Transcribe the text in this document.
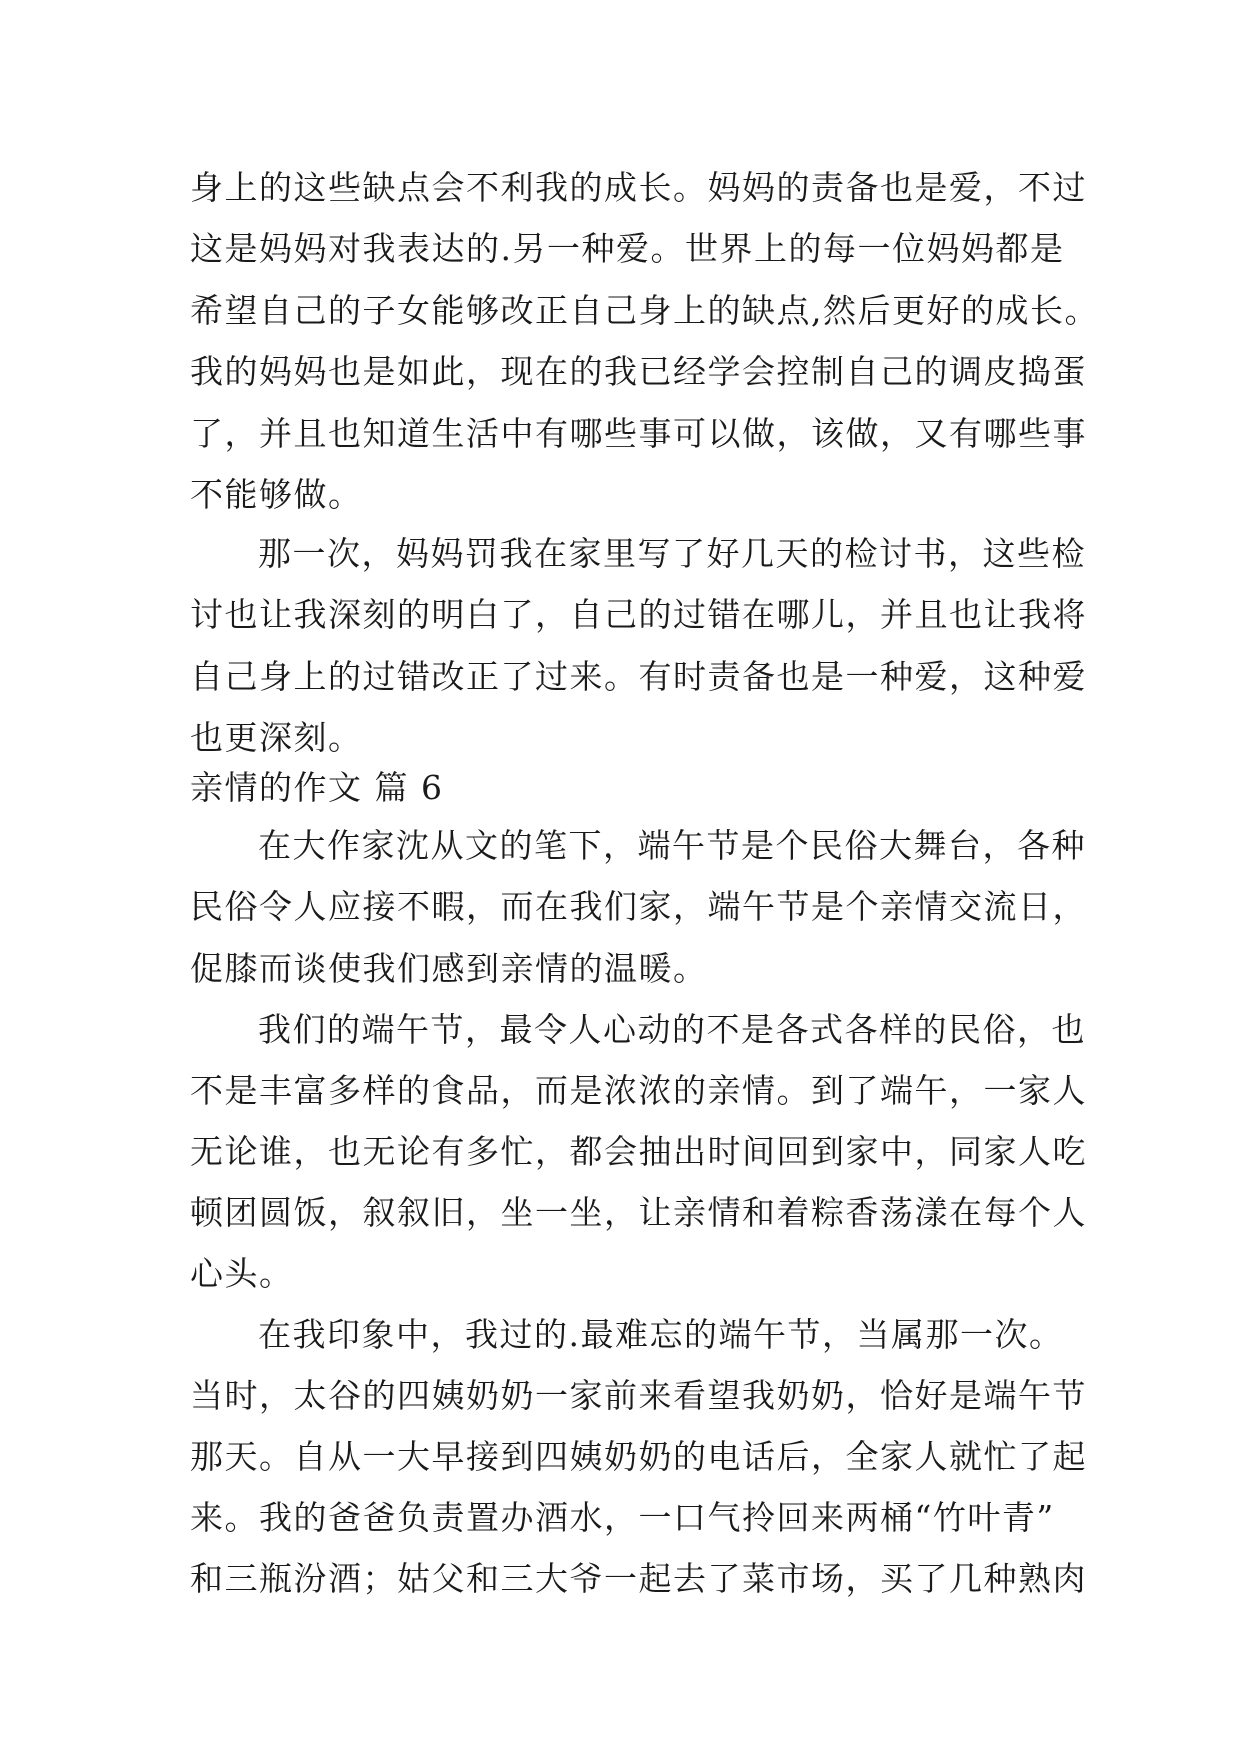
身上的这些缺点会不利我的成长。妈妈的责备也是爱，不过
这是妈妈对我表达的.另一种爱。世界上的每一位妈妈都是
希望自己的子女能够改正自己身上的缺点,然后更好的成长。
我的妈妈也是如此，现在的我已经学会控制自己的调皮捣蛋
了，并且也知道生活中有哪些事可以做，该做，又有哪些事
不能够做。
那一次，妈妈罚我在家里写了好几天的检讨书，这些检
讨也让我深刻的明白了，自己的过错在哪儿，并且也让我将
自己身上的过错改正了过来。有时责备也是一种爱，这种爱
也更深刻。
亲情的作文 篇 6
在大作家沈从文的笔下，端午节是个民俗大舞台，各种
民俗令人应接不暇，而在我们家，端午节是个亲情交流日，
促膝而谈使我们感到亲情的温暖。
我们的端午节，最令人心动的不是各式各样的民俗，也
不是丰富多样的食品，而是浓浓的亲情。到了端午，一家人
无论谁，也无论有多忙，都会抽出时间回到家中，同家人吃
顿团圆饭，叙叙旧，坐一坐，让亲情和着粽香荡漾在每个人
心头。
在我印象中，我过的.最难忘的端午节，当属那一次。
当时，太谷的四姨奶奶一家前来看望我奶奶，恰好是端午节
那天。自从一大早接到四姨奶奶的电话后，全家人就忙了起
来。我的爸爸负责置办酒水，一口气拎回来两桶“竹叶青”
和三瓶汾酒；姑父和三大爷一起去了菜市场，买了几种熟肉
